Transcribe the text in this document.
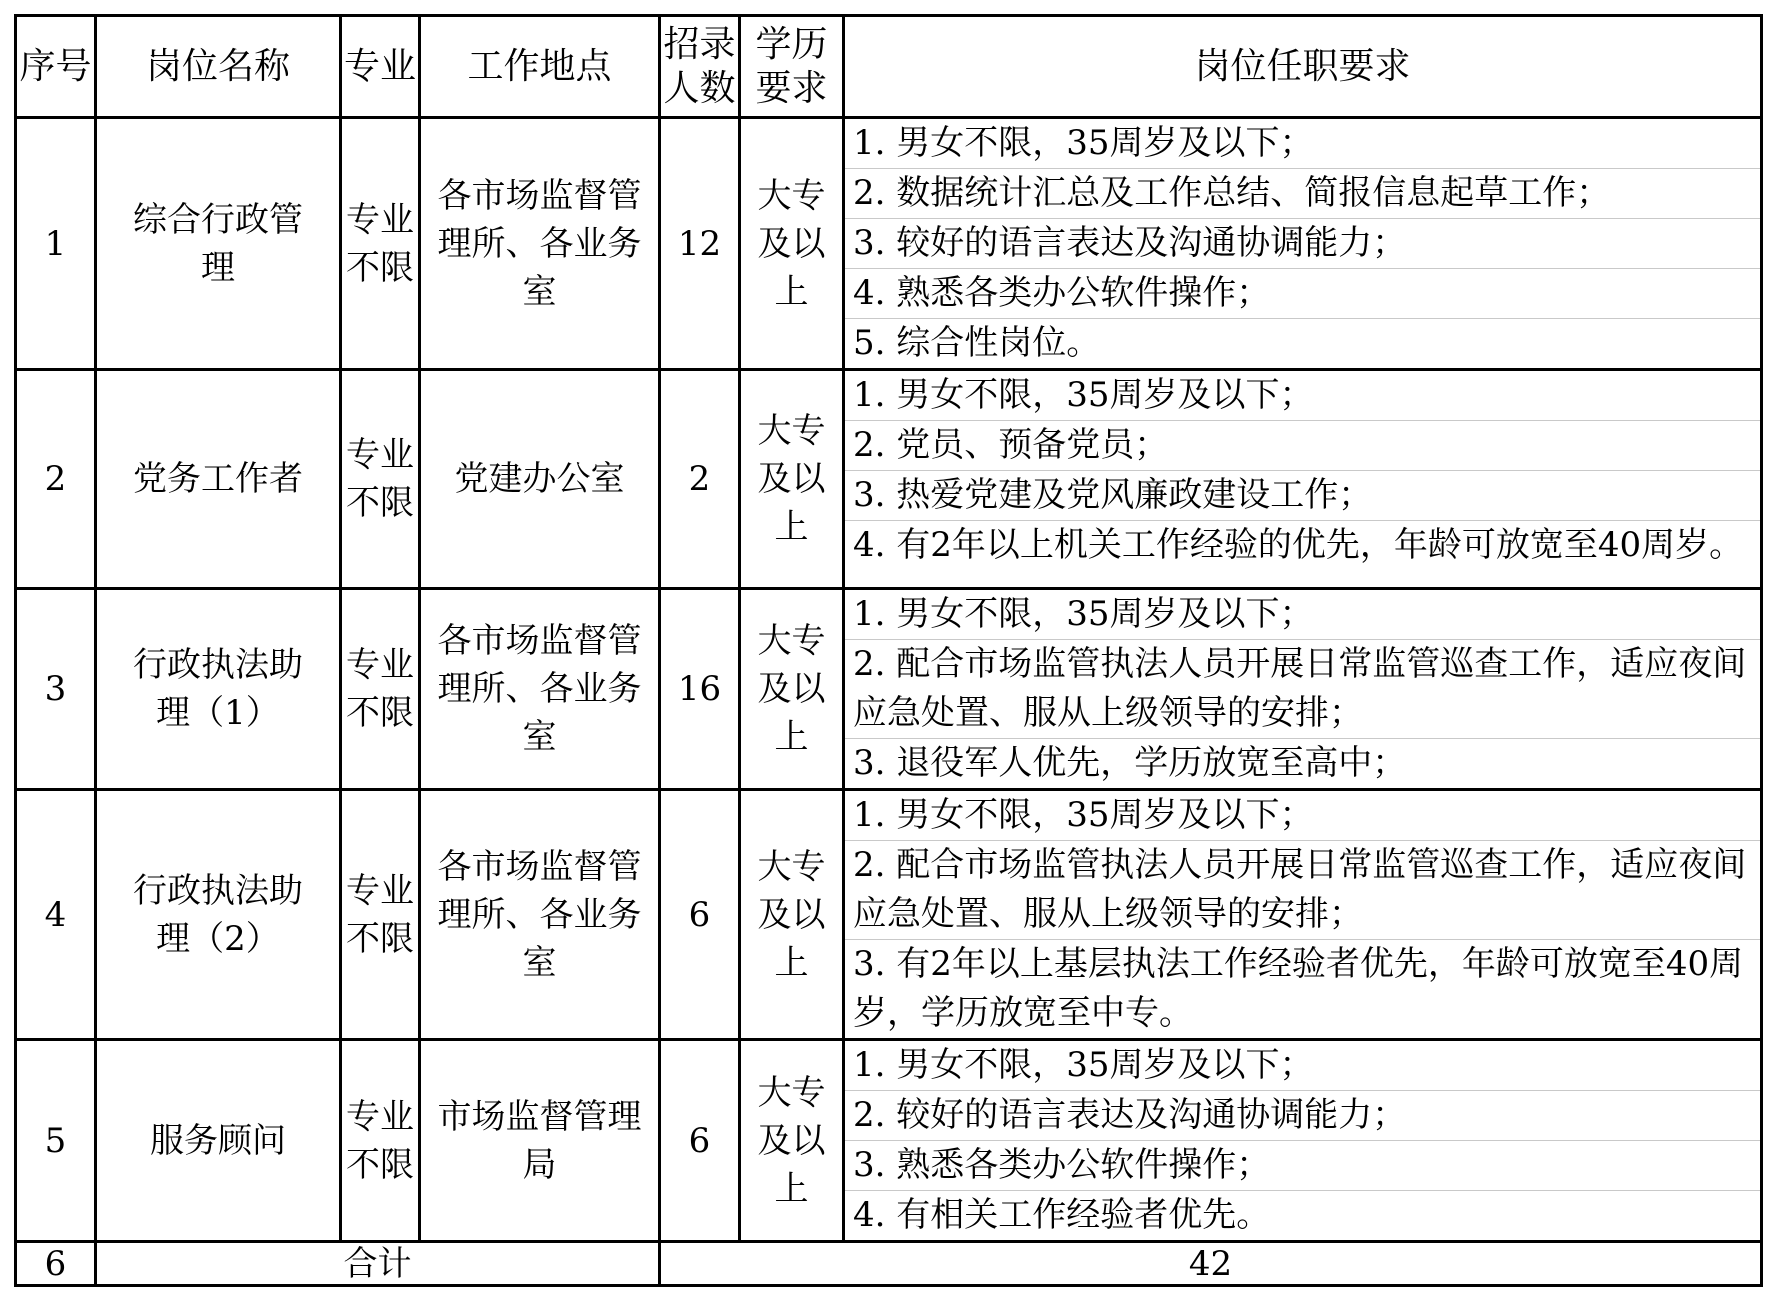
序号	岗位名称	专业	工作地点	招录人数	学历要求	岗位任职要求
1	综合行政管理	专业不限	各市场监督管理所、各业务室	12	大专及以上	1. 男女不限，35周岁及以下；
2. 数据统计汇总及工作总结、简报信息起草工作；
3. 较好的语言表达及沟通协调能力；
4. 熟悉各类办公软件操作；
5. 综合性岗位。

2	党务工作者	专业不限	党建办公室	2	大专及以上	1. 男女不限，35周岁及以下；
2. 党员、预备党员；
3. 热爱党建及党风廉政建设工作；
4. 有2年以上机关工作经验的优先，年龄可放宽至40周岁。

3	行政执法助理（1）	专业不限	各市场监督管理所、各业务室	16	大专及以上	1. 男女不限，35周岁及以下；
2. 配合市场监管执法人员开展日常监管巡查工作，适应夜间应急处置、服从上级领导的安排；
3. 退役军人优先，学历放宽至高中；

4	行政执法助理（2）	专业不限	各市场监督管理所、各业务室	6	大专及以上	1. 男女不限，35周岁及以下；
2. 配合市场监管执法人员开展日常监管巡查工作，适应夜间应急处置、服从上级领导的安排；
3. 有2年以上基层执法工作经验者优先，年龄可放宽至40周岁，学历放宽至中专。

5	服务顾问	专业不限	市场监督管理局	6	大专及以上	1. 男女不限，35周岁及以下；
2. 较好的语言表达及沟通协调能力；
3. 熟悉各类办公软件操作；
4. 有相关工作经验者优先。

6	合计			42		
